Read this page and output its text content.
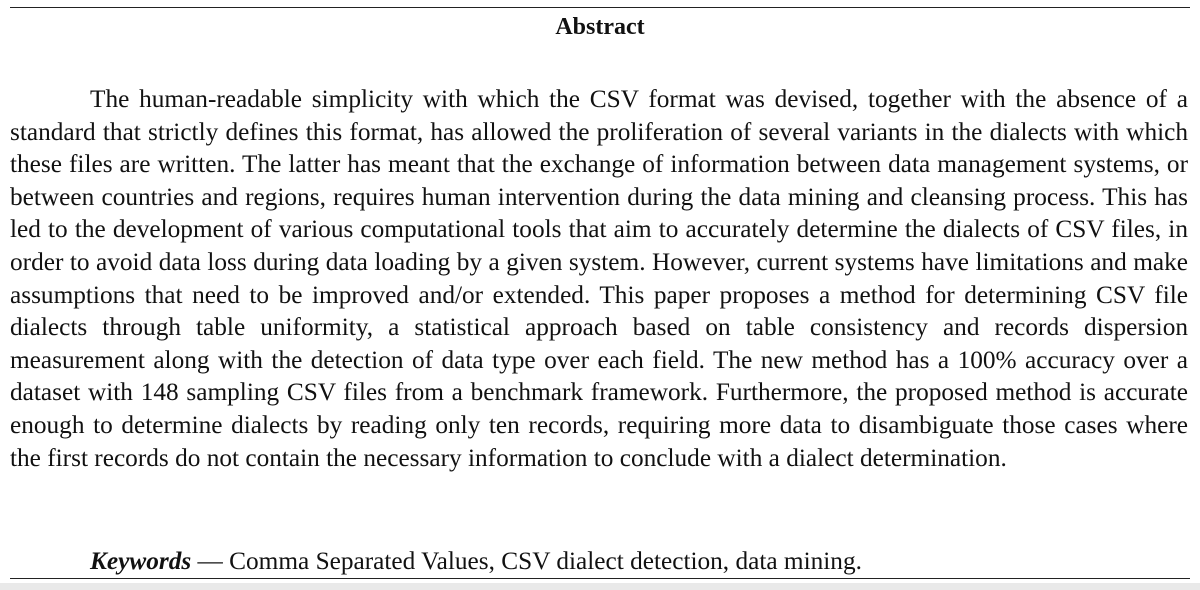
Abstract

The human-readable simplicity with which the CSV format was devised, together with the absence of a standard that strictly defines this format, has allowed the proliferation of several variants in the dialects with which these files are written. The latter has meant that the exchange of information between data management systems, or between countries and regions, requires human intervention during the data mining and cleansing process. This has led to the development of various computational tools that aim to accurately determine the dialects of CSV files, in order to avoid data loss during data loading by a given system. However, current systems have limitations and make assumptions that need to be improved and/or extended. This paper proposes a method for determining CSV file dialects through table uniformity, a statistical approach based on table consistency and records dispersion measurement along with the detection of data type over each field. The new method has a 100% accuracy over a dataset with 148 sampling CSV files from a benchmark framework. Furthermore, the proposed method is accurate enough to determine dialects by reading only ten records, requiring more data to disambiguate those cases where the first records do not contain the necessary information to conclude with a dialect determination.

Keywords — Comma Separated Values, CSV dialect detection, data mining.
